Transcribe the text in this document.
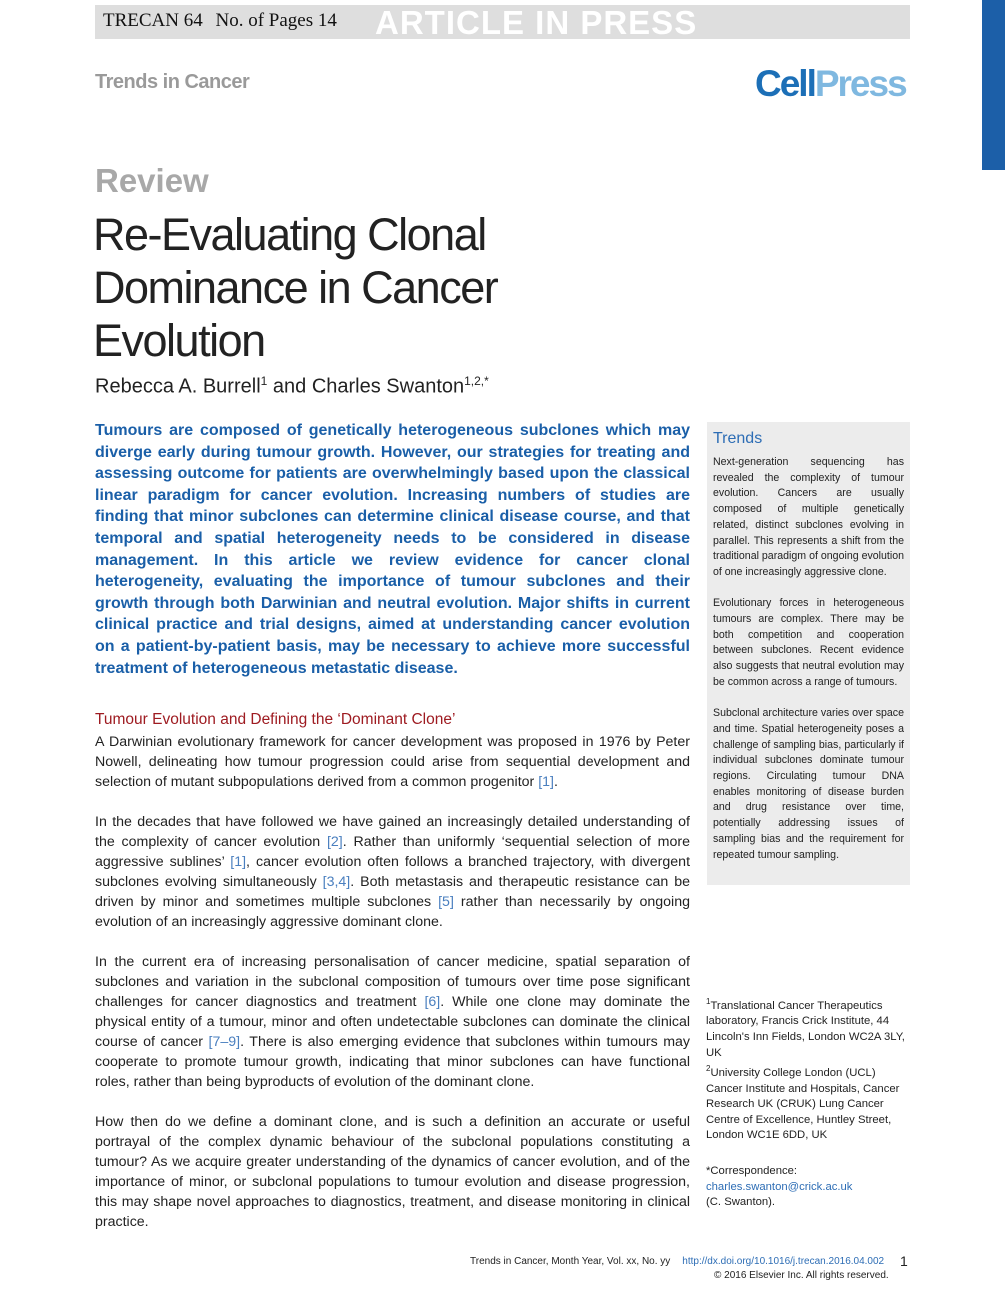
TRECAN 64 No. of Pages 14 ARTICLE IN PRESS
Trends in Cancer	CellPress
Review
Re-Evaluating Clonal Dominance in Cancer Evolution
Rebecca A. Burrell$^1$ and Charles Swanton$^{1,2,*}$

Tumours are composed of genetically heterogeneous subclones which may diverge early during tumour growth. However, our strategies for treating and assessing outcome for patients are overwhelmingly based upon the classical linear paradigm for cancer evolution. Increasing numbers of studies are finding that minor subclones can determine clinical disease course, and that temporal and spatial heterogeneity needs to be considered in disease management. In this article we review evidence for cancer clonal heterogeneity, evaluating the importance of tumour subclones and their growth through both Darwinian and neutral evolution. Major shifts in current clinical practice and trial designs, aimed at understanding cancer evolution on a patient-by-patient basis, may be necessary to achieve more successful treatment of heterogeneous metastatic disease.

Tumour Evolution and Defining the ‘Dominant Clone’

A Darwinian evolutionary framework for cancer development was proposed in 1976 by Peter Nowell, delineating how tumour progression could arise from sequential development and selection of mutant subpopulations derived from a common progenitor [1].

In the decades that have followed we have gained an increasingly detailed understanding of the complexity of cancer evolution [2]. Rather than uniformly ‘sequential selection of more aggressive sublines’ [1], cancer evolution often follows a branched trajectory, with divergent subclones evolving simultaneously [3,4]. Both metastasis and therapeutic resistance can be driven by minor and sometimes multiple subclones [5] rather than necessarily by ongoing evolution of an increasingly aggressive dominant clone.

In the current era of increasing personalisation of cancer medicine, spatial separation of subclones and variation in the subclonal composition of tumours over time pose significant challenges for cancer diagnostics and treatment [6]. While one clone may dominate the physical entity of a tumour, minor and often undetectable subclones can dominate the clinical course of cancer [7–9]. There is also emerging evidence that subclones within tumours may cooperate to promote tumour growth, indicating that minor subclones can have functional roles, rather than being byproducts of evolution of the dominant clone.

How then do we define a dominant clone, and is such a definition an accurate or useful portrayal of the complex dynamic behaviour of the subclonal populations constituting a tumour? As we acquire greater understanding of the dynamics of cancer evolution, and of the importance of minor, or subclonal populations to tumour evolution and disease progression, this may shape novel approaches to diagnostics, treatment, and disease monitoring in clinical practice.

Trends

Next-generation sequencing has revealed the complexity of tumour evolution. Cancers are usually composed of multiple genetically related, distinct subclones evolving in parallel. This represents a shift from the traditional paradigm of ongoing evolution of one increasingly aggressive clone.

Evolutionary forces in heterogeneous tumours are complex. There may be both competition and cooperation between subclones. Recent evidence also suggests that neutral evolution may be common across a range of tumours.

Subclonal architecture varies over space and time. Spatial heterogeneity poses a challenge of sampling bias, particularly if individual subclones dominate tumour regions. Circulating tumour DNA enables monitoring of disease burden and drug resistance over time, potentially addressing issues of sampling bias and the requirement for repeated tumour sampling.

$^1$Translational Cancer Therapeutics laboratory, Francis Crick Institute, 44 Lincoln's Inn Fields, London WC2A 3LY, UK

$^2$University College London (UCL) Cancer Institute and Hospitals, Cancer Research UK (CRUK) Lung Cancer Centre of Excellence, Huntley Street, London WC1E 6DD, UK

*Correspondence:

charles.swanton@crick.ac.uk

(C. Swanton).

Trends in Cancer, Month Year, Vol. xx, No. yy http://dx.doi.org/10.1016/j.trecan.2016.04.002 1
© 2016 Elsevier Inc. All rights reserved.
